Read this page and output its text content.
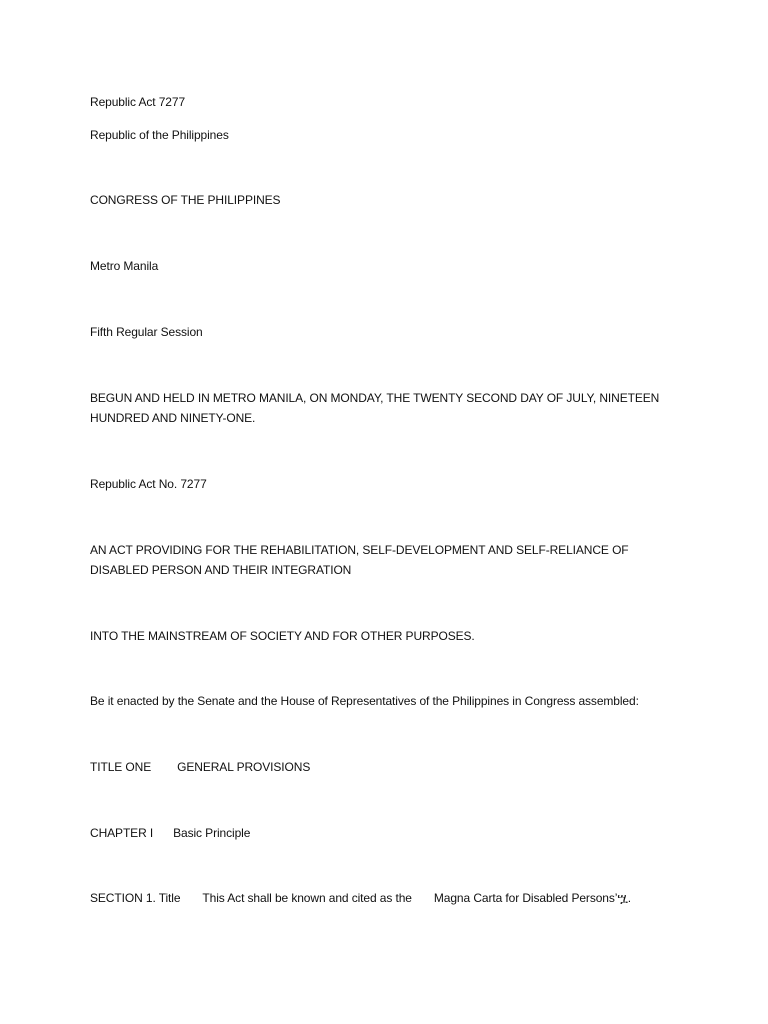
Republic Act 7277
Republic of the Philippines
CONGRESS OF THE PHILIPPINES
Metro Manila
Fifth Regular Session
BEGUN AND HELD IN METRO MANILA, ON MONDAY, THE TWENTY SECOND DAY OF JULY, NINETEEN HUNDRED AND NINETY-ONE.
Republic Act No. 7277
AN ACT PROVIDING FOR THE REHABILITATION, SELF-DEVELOPMENT AND SELF-RELIANCE OF DISABLED PERSON AND THEIR INTEGRATION
INTO THE MAINSTREAM OF SOCIETY AND FOR OTHER PURPOSES.
Be it enacted by the Senate and the House of Representatives of the Philippines in Congress assembled:
TITLE ONE GENERAL PROVISIONS
CHAPTER I Basic Principle
SECTION 1. Title This Act shall be known and cited as the Magna Carta for Disabled Persons’ሧ.
